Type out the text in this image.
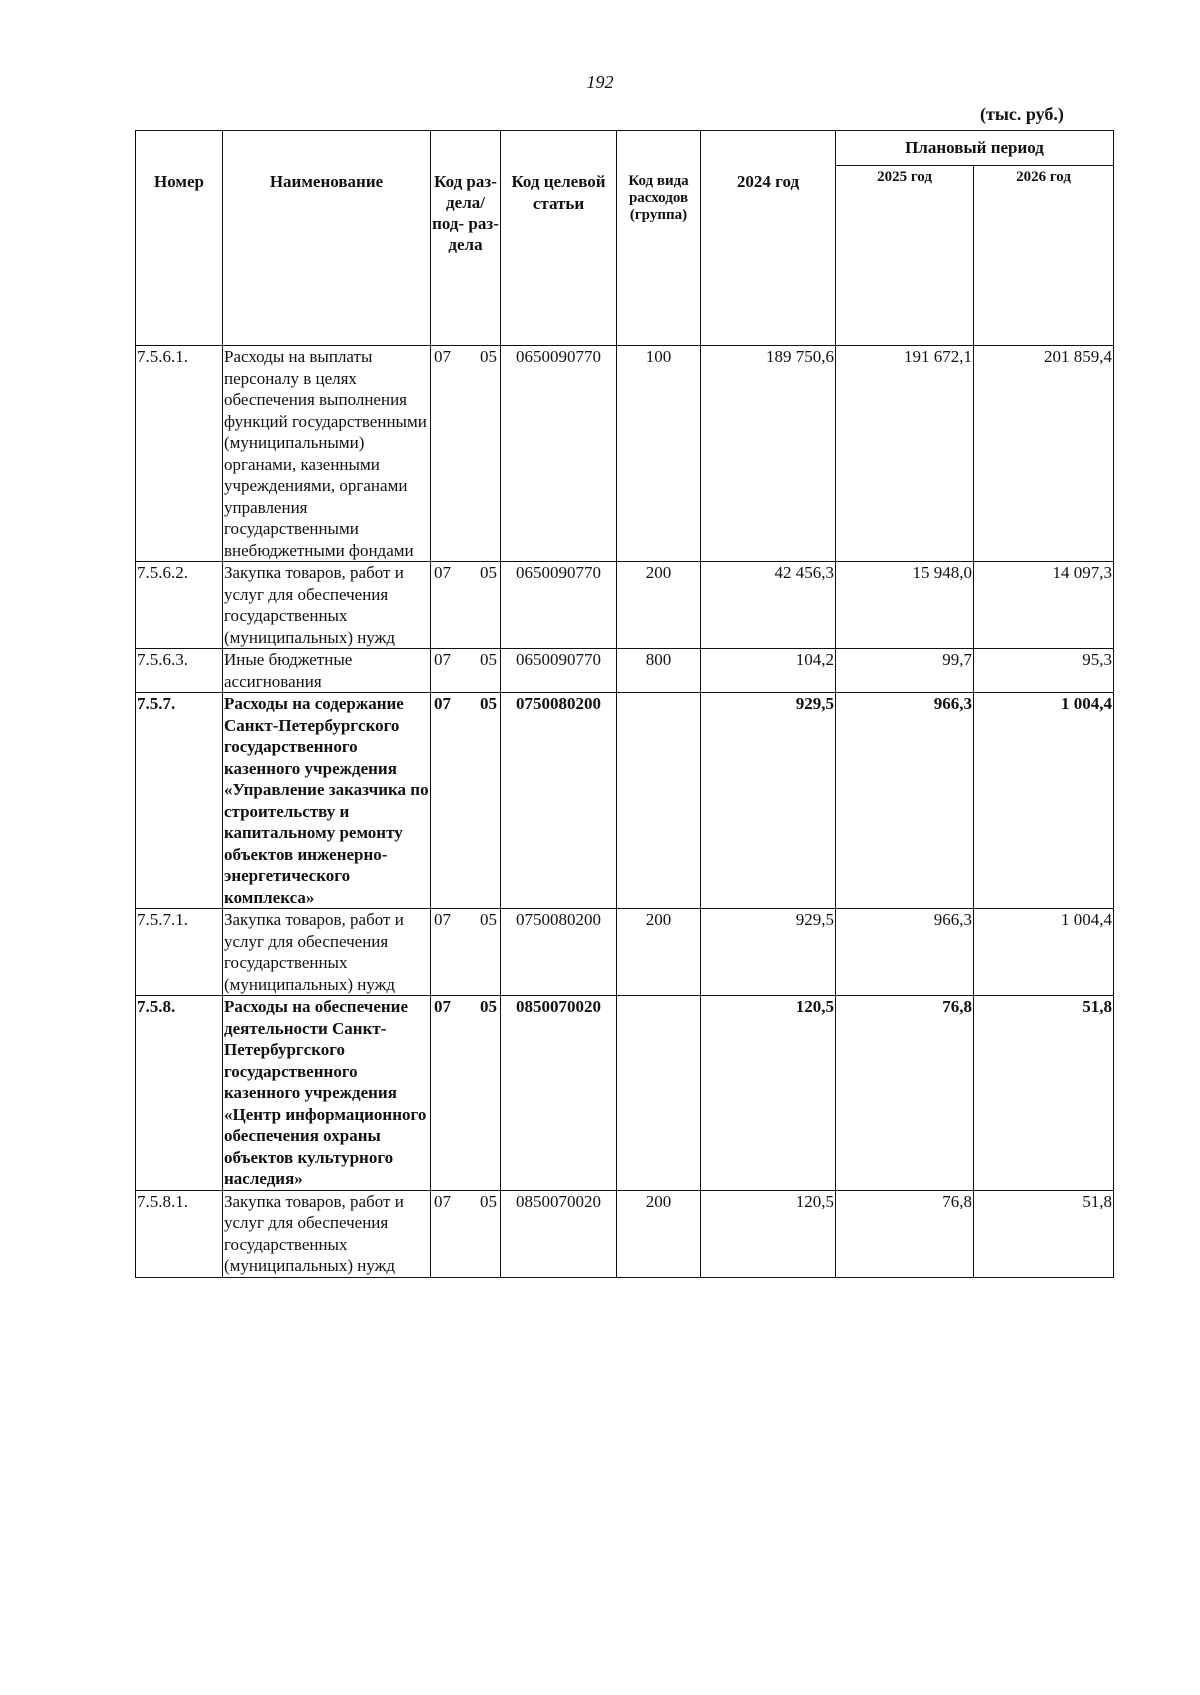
192
(тыс. руб.)
Номер	Наименование	Код раз- дела/ под- раз- дела	Код целевой статьи	Код вида расходов (группа)	2024 год	Плановый период	
						2025 год	2026 год
7.5.6.1.	Расходы на выплаты персоналу в целях обеспечения выполнения функций государственными (муниципальными) органами, казенными учреждениями, органами управления государственными внебюджетными фондами	07 05	0650090770	100	189 750,6	191 672,1	201 859,4
7.5.6.2.	Закупка товаров, работ и услуг для обеспечения государственных (муниципальных) нужд	07 05	0650090770	200	42 456,3	15 948,0	14 097,3
7.5.6.3.	Иные бюджетные ассигнования	07 05	0650090770	800	104,2	99,7	95,3
7.5.7.	Расходы на содержание Санкт-Петербургского государственного казенного учреждения «Управление заказчика по строительству и капитальному ремонту объектов инженерно-энергетического комплекса»	07 05	0750080200		929,5	966,3	1 004,4
7.5.7.1.	Закупка товаров, работ и услуг для обеспечения государственных (муниципальных) нужд	07 05	0750080200	200	929,5	966,3	1 004,4
7.5.8.	Расходы на обеспечение деятельности Санкт-Петербургского государственного казенного учреждения «Центр информационного обеспечения охраны объектов культурного наследия»	07 05	0850070020		120,5	76,8	51,8
7.5.8.1.	Закупка товаров, работ и услуг для обеспечения государственных (муниципальных) нужд	07 05	0850070020	200	120,5	76,8	51,8
